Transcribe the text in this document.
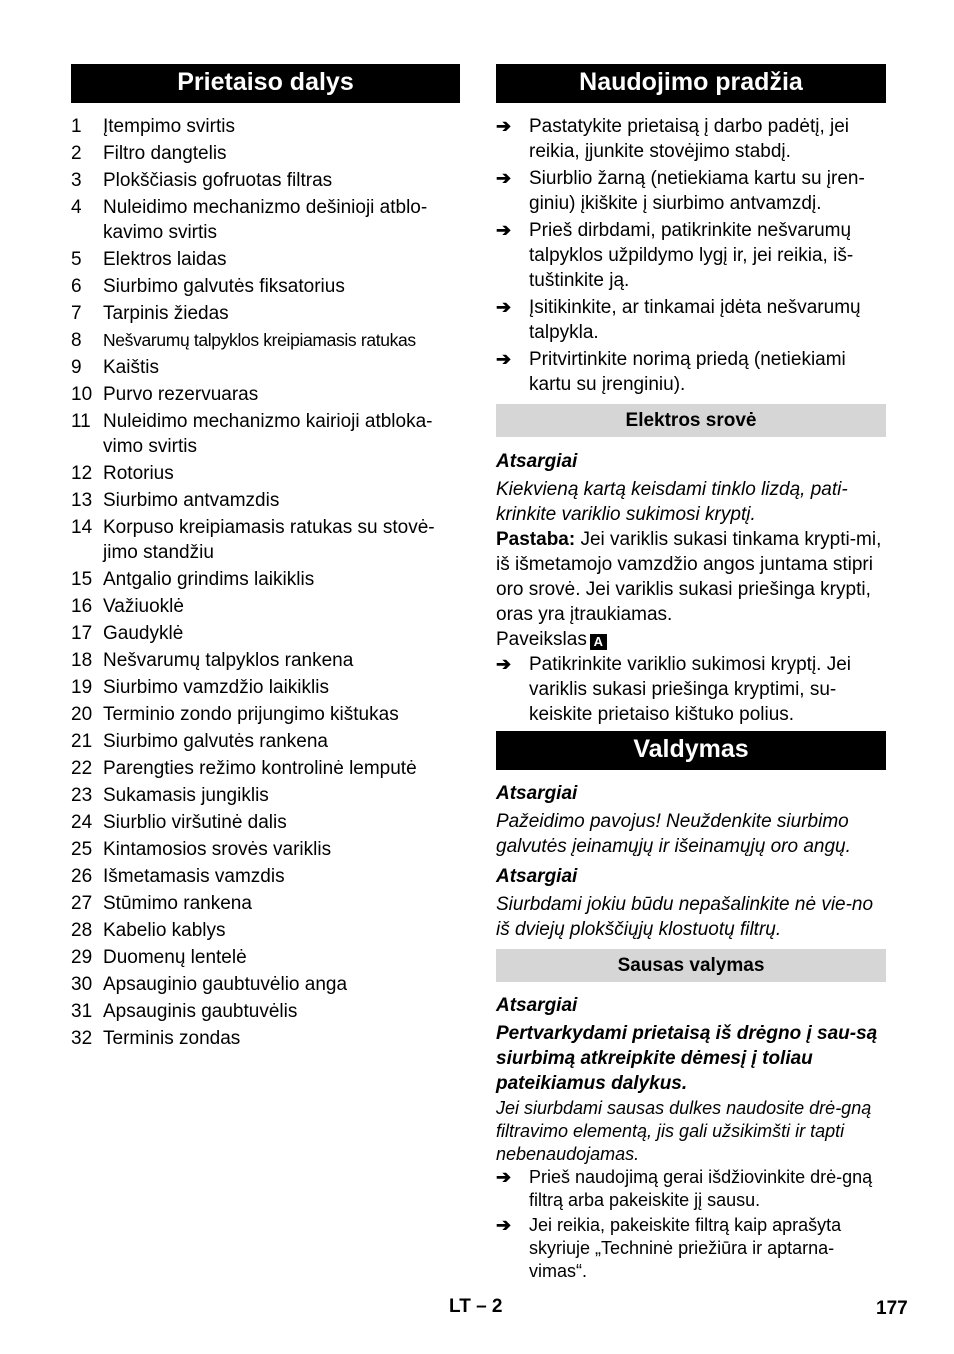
Prietaiso dalys
1	Įtempimo svirtis
2	Filtro dangtelis
3	Plokščiasis gofruotas filtras
4	Nuleidimo mechanizmo dešinioji atblo-kavimo svirtis
5	Elektros laidas
6	Siurbimo galvutės fiksatorius
7	Tarpinis žiedas
8	Nešvarumų talpyklos kreipiamasis ratukas
9	Kaištis
10 Purvo rezervuaras
11 Nuleidimo mechanizmo kairioji atbloka-vimo svirtis
12 Rotorius
13 Siurbimo antvamzdis
14 Korpuso kreipiamasis ratukas su stovė-jimo standžiu
15 Antgalio grindims laikiklis
16 Važiuoklė
17 Gaudyklė
18 Nešvarumų talpyklos rankena
19 Siurbimo vamzdžio laikiklis
20 Terminio zondo prijungimo kištukas
21 Siurbimo galvutės rankena
22 Parengties režimo kontrolinė lemputė
23 Sukamasis jungiklis
24 Siurblio viršutinė dalis
25 Kintamosios srovės variklis
26 Išmetamasis vamzdis
27 Stūmimo rankena
28 Kabelio kablys
29 Duomenų lentelė
30 Apsauginio gaubtuvėlio anga
31 Apsauginis gaubtuvėlis
32 Terminis zondas
Naudojimo pradžia
➔ Pastatykite prietaisą į darbo padėtį, jei reikia, įjunkite stovėjimo stabdį.
➔ Siurblio žarną (netiekiama kartu su įren-giniu) įkiškite į siurbimo antvamzdį.
➔ Prieš dirbdami, patikrinkite nešvarumų talpyklos užpildymo lygį ir, jei reikia, iš-tuštinkite ją.
➔ Įsitikinkite, ar tinkamai įdėta nešvarumų talpykla.
➔ Pritvirtinkite norimą priedą (netiekiami kartu su įrenginiu).
Elektros srovė
Atsargiai
Kiekvieną kartą keisdami tinklo lizdą, pati-krinkite variklio sukimosi kryptį.
Pastaba: Jei variklis sukasi tinkama krypti-mi, iš išmetamojo vamzdžio angos juntama stipri oro srovė. Jei variklis sukasi priešinga krypti, oras yra įtraukiamas.
Paveikslas A
➔ Patikrinkite variklio sukimosi kryptį. Jei variklis sukasi priešinga kryptimi, su-keiskite prietaiso kištuko polius.
Valdymas
Atsargiai
Pažeidimo pavojus! Neuždenkite siurbimo galvutės įeinamųjų ir išeinamųjų oro angų.
Atsargiai
Siurbdami jokiu būdu nepašalinkite nė vie-no iš dviejų plokščiųjų klostuotų filtrų.
Sausas valymas
Atsargiai
Pertvarkydami prietaisą iš drėgno į sau-są siurbimą atkreipkite dėmesį į toliau pateikiamus dalykus.
Jei siurbdami sausas dulkes naudosite drė-gną filtravimo elementą, jis gali užsikimšti ir tapti nebenaudojamas.
➔ Prieš naudojimą gerai išdžiovinkite drė-gną filtrą arba pakeiskite jį sausu.
➔ Jei reikia, pakeiskite filtrą kaip aprašyta skyriuje „Techninė priežiūra ir aptarna-vimas“.
LT – 2	177
